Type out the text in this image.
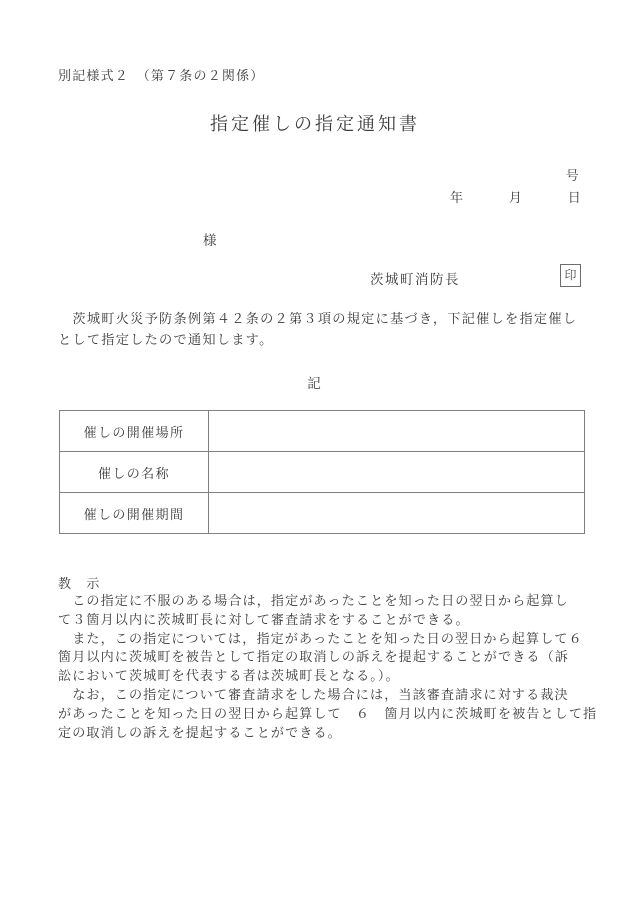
別記様式２　（第７条の２関係）
指定催しの指定通知書
号
年	月	日
様
茨城町消防長	印
　茨城町火災予防条例第４２条の２第３項の規定に基づき，下記催しを指定催し
として指定したので通知します。
記
催しの開催場所	
催しの名称	
催しの開催期間	
教　示
　この指定に不服のある場合は，指定があったことを知った日の翌日から起算し
て３箇月以内に茨城町長に対して審査請求をすることができる。
　また，この指定については，指定があったことを知った日の翌日から起算して６
箇月以内に茨城町を被告として指定の取消しの訴えを提起することができる（訴
訟において茨城町を代表する者は茨城町長となる。）。
　なお，この指定について審査請求をした場合には，当該審査請求に対する裁決
があったことを知った日の翌日から起算して　６　箇月以内に茨城町を被告として指
定の取消しの訴えを提起することができる。
